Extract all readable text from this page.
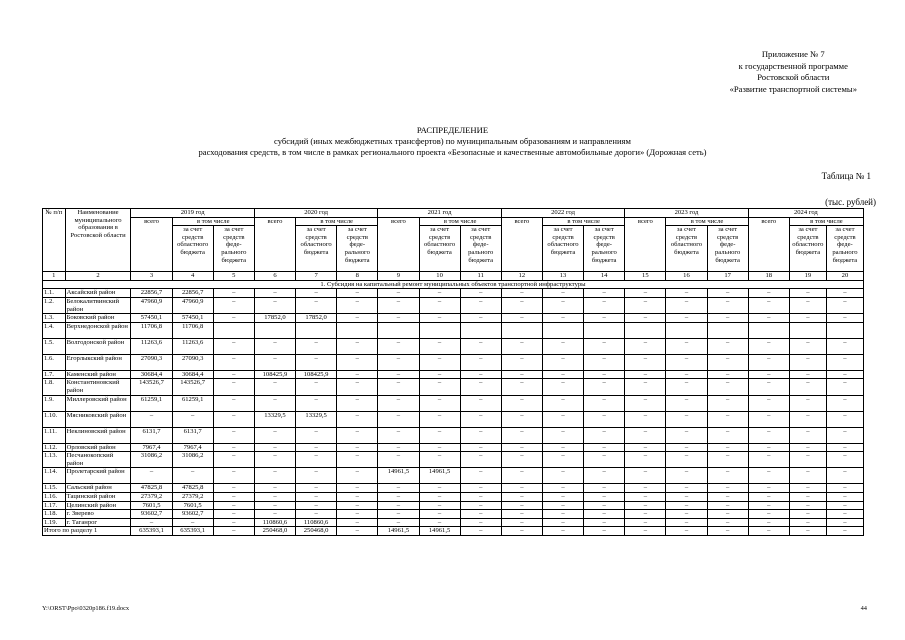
Приложение № 7
к государственной программе
Ростовской области
«Развитие транспортной системы»
РАСПРЕДЕЛЕНИЕ
субсидий (иных межбюджетных трансфертов) по муниципальным образованиям и направлениям
расходования средств, в том числе в рамках регионального проекта «Безопасные и качественные автомобильные дороги» (Дорожная сеть)
Таблица № 1
(тыс. рублей)
№ п/п	Наименование муниципального образования в Ростовской области	2019 год			2020 год			2021 год			2022 год			2023 год			2024 год		
		всего	в том числе		всего	в том числе		всего	в том числе		всего	в том числе		всего	в том числе		всего	в том числе	
			за счет средств областного бюджета	за счет средств феде-рального бюджета		за счет средств областного бюджета	за счет средств феде-рального бюджета		за счет средств областного бюджета	за счет средств феде-рального бюджета		за счет средств областного бюджета	за счет средств феде-рального бюджета		за счет средств областного бюджета	за счет средств феде-рального бюджета		за счет средств областного бюджета	за счет средств феде-рального бюджета
1	2	3	4	5	6	7	8	9	10	11	12	13	14	15	16	17	18	19	20
1. Субсидия на капитальный ремонт муниципальных объектов транспортной инфраструктуры																			
1.1.	Аксайский район	22856,7	22856,7	–	–	–	–	–	–	–	–	–	–	–	–	–	–	–	–
1.2.	Белокалитвинский район	47960,9	47960,9	–	–	–	–	–	–	–	–	–	–	–	–	–	–	–	–
1.3.	Боковский район	57450,1	57450,1	–	17852,0	17852,0	–	–	–	–	–	–	–	–	–	–	–	–	–
1.4.	Верхнедонской район	11706,8	11706,8																
1.5.	Волгодонской район	11263,6	11263,6	–	–	–	–	–	–	–	–	–	–	–	–	–	–	–	–
1.6.	Егорлыкский район	27090,3	27090,3	–	–	–	–	–	–	–	–	–	–	–	–	–	–	–	–
1.7.	Каменский район	30684,4	30684,4	–	108425,9	108425,9	–	–	–	–	–	–	–	–	–	–	–	–	–
1.8.	Константиновский район	143526,7	143526,7	–	–	–	–	–	–	–	–	–	–	–	–	–	–	–	–
1.9.	Миллеровский район	61259,1	61259,1	–	–	–	–	–	–	–	–	–	–	–	–	–	–	–	–
1.10.	Мясниковский район	–	–	–	13329,5	13329,5	–	–	–	–	–	–	–	–	–	–	–	–	–
1.11.	Неклиновский район	6131,7	6131,7	–	–	–	–	–	–	–	–	–	–	–	–	–	–	–	–
1.12.	Орловский район	7967,4	7967,4	–	–	–	–	–	–	–	–	–	–	–	–	–	–	–	–
1.13.	Песчанокопский район	31086,2	31086,2	–	–	–	–	–	–	–	–	–	–	–	–	–	–	–	–
1.14.	Пролетарский район	–	–	–	–	–	–	14961,5	14961,5	–	–	–	–	–	–	–	–	–	–
1.15.	Сальский район	47825,8	47825,8	–	–	–	–	–	–	–	–	–	–	–	–	–	–	–	–
1.16.	Тацинский район	27379,2	27379,2	–	–	–	–	–	–	–	–	–	–	–	–	–	–	–	–
1.17.	Целинский район	7601,5	7601,5	–	–	–	–	–	–	–	–	–	–	–	–	–	–	–	–
1.18.	г. Зверево	93602,7	93602,7	–	–	–	–	–	–	–	–	–	–	–	–	–	–	–	–
1.19.	г. Таганрог	–	–	–	110860,6	110860,6	–	–	–	–	–	–	–	–	–	–	–	–	–
Итого по разделу 1		635393,1	635393,1	–	250468,0	250468,0	–	14961,5	14961,5	–	–	–	–	–	–	–	–	–	–
Y:\ORST\Ppo\0320p186.f19.docx	44
